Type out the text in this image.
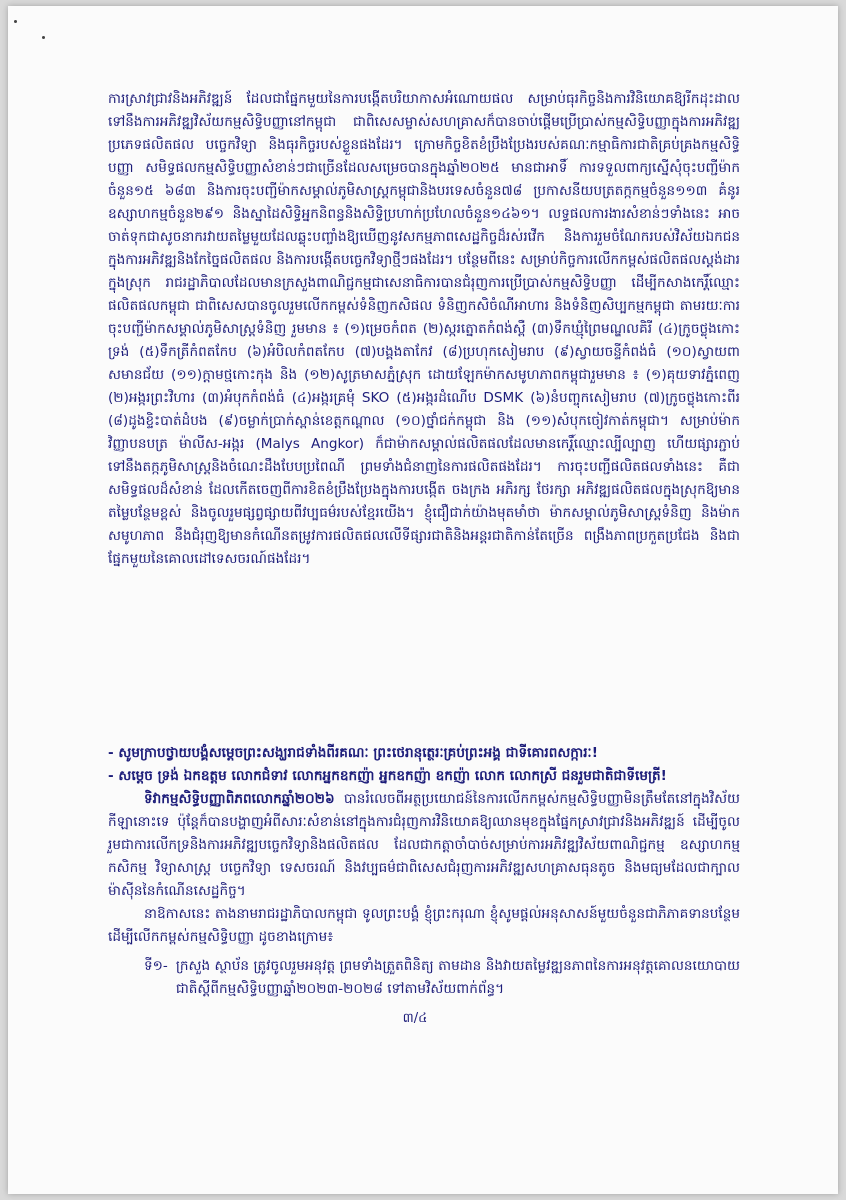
ការស្រាវជ្រាវនិងអភិវឌ្ឍន៍ ដែលជាផ្នែកមួយនៃការបង្កើតបរិយាកាសអំណោយផល សម្រាប់ធុរកិច្ចនិងការវិនិយោគឱ្យរីកដុះដាលទៅនឹងការអភិវឌ្ឍវិស័យកម្មសិទ្ធិបញ្ញានៅកម្ពុជា ជាពិសេសម្ចាស់សហគ្រាសក៏បានចាប់ផ្ដើមប្រើប្រាស់កម្មសិទ្ធិបញ្ញាក្នុងការអភិវឌ្ឍប្រភេទផលិតផល បច្ចេកវិទ្យា និងធុរកិច្ចរបស់ខ្លួនផងដែរ។ ក្រោមកិច្ចខិតខំប្រឹងប្រែងរបស់គណៈកម្មាធិការជាតិគ្រប់គ្រងកម្មសិទ្ធិបញ្ញា សមិទ្ធផលកម្មសិទ្ធិបញ្ញាសំខាន់ៗជាច្រើនដែលសម្រេចបានក្នុងឆ្នាំ២០២៥ មានជាអាទិ៍ ការទទួលពាក្យស្នើសុំចុះបញ្ជីម៉ាកចំនួន១៥ ៦៨៣ និងការចុះបញ្ជីម៉ាកសម្គាល់ភូមិសាស្ត្រកម្ពុជានិងបរទេសចំនួន៧៨ ប្រកាសនីយបត្រតក្កកម្មចំនួន១១៣ គំនូរឧស្សាហកម្មចំនួន២៩១ និងស្នាដៃសិទ្ធិអ្នកនិពន្ធនិងសិទ្ធិប្រហាក់ប្រហែលចំនួន១៤៦១។ លទ្ធផលការងារសំខាន់ៗទាំងនេះ អាចចាត់ទុកជាសូចនាករវាយតម្លៃមួយដែលឆ្លុះបញ្ចាំងឱ្យឃើញនូវសកម្មភាពសេដ្ឋកិច្ចដ៏រស់រវើក និងការរួមចំណែករបស់វិស័យឯកជនក្នុងការអភិវឌ្ឍនិងកែច្នៃផលិតផល និងការបង្កើតបច្ចេកវិទ្យាថ្មីៗផងដែរ។ បន្ថែមពីនេះ សម្រាប់កិច្ចការលើកកម្ពស់ផលិតផលស្ដង់ដារក្នុងស្រុក រាជរដ្ឋាភិបាលដែលមានក្រសួងពាណិជ្ជកម្មជាសេនាធិការបានជំរុញការប្រើប្រាស់កម្មសិទ្ធិបញ្ញា ដើម្បីកសាងកេរ្តិ៍ឈ្មោះផលិតផលកម្ពុជា ជាពិសេសបានចូលរួមលើកកម្ពស់ទំនិញកសិផល ទំនិញកសិចំណីអាហារ និងទំនិញសិប្បកម្មកម្ពុជា តាមរយៈការចុះបញ្ជីម៉ាកសម្គាល់ភូមិសាស្ត្រទំនិញ រួមមាន ៖ (១)ម្រេចកំពត (២)ស្ករត្នោតកំពង់ស្ពឺ (៣)ទឹកឃ្មុំព្រៃមណ្ឌលគិរី (៤)ក្រូចថ្លុងកោះទ្រង់ (៥)ទឹកត្រីកំពតកែប (៦)អំបិលកំពតកែប (៧)បង្គងតាកែវ (៨)ប្រហុកសៀមរាប (៩)ស្វាយចន្ទីកំពង់ធំ (១០)ស្វាយពាសមានជ័យ (១១)ក្ដាមថ្មកោះកុង និង (១២)សូត្រមាសភ្នំស្រុក ដោយឡែកម៉ាកសមូហភាពកម្ពុជារួមមាន ៖ (១)គុយទាវភ្នំពេញ (២)អង្ករព្រះវិហារ (៣)អំបុកកំពង់ធំ (៤)អង្ករគ្រមុំ SKO (៥)អង្ករដំណើប DSMK (៦)នំបញ្ចុកសៀមរាប (៧)ក្រូចថ្លុងកោះពីរ (៨)ដូងខ្ទិះបាត់ដំបង (៩)ចម្លាក់ប្រាក់ស្ពាន់ខេត្តកណ្ដាល (១០)ថ្នាំជក់កម្ពុជា និង (១១)សំបុកចៀវកាត់កម្ពុជា។ សម្រាប់ម៉ាកវិញ្ញាបនបត្រ ម៉ាលីស-អង្ករ (Malys Angkor) ក៏ជាម៉ាកសម្គាល់ផលិតផលដែលមានកេរ្តិ៍ឈ្មោះល្បីល្បាញ ហើយផ្សារភ្ជាប់ទៅនឹងតក្កភូមិសាស្ត្រនិងចំណេះដឹងបែបប្រពៃណី ព្រមទាំងជំនាញនៃការផលិតផងដែរ។ ការចុះបញ្ជីផលិតផលទាំងនេះ គឺជាសមិទ្ធផលដ៏សំខាន់ ដែលកើតចេញពីការខិតខំប្រឹងប្រែងក្នុងការបង្កើត ចងក្រង អភិរក្ស ថែរក្សា អភិវឌ្ឍផលិតផលក្នុងស្រុកឱ្យមានតម្លៃបន្ថែមខ្ពស់ និងចូលរួមផ្សព្វផ្សាយពីវប្បធម៌របស់ខ្មែរយើង។ ខ្ញុំជឿជាក់យ៉ាងមុតមាំថា ម៉ាកសម្គាល់ភូមិសាស្ត្រទំនិញ និងម៉ាកសមូហភាព នឹងជំរុញឱ្យមានកំណើនតម្រូវការផលិតផលលើទីផ្សារជាតិនិងអន្តរជាតិកាន់តែច្រើន ពង្រឹងភាពប្រកួតប្រជែង និងជាផ្នែកមួយនៃគោលដៅទេសចរណ៍ផងដែរ។

- សូមក្រាបថ្វាយបង្គំសម្ដេចព្រះសង្ឃរាជទាំងពីរគណៈ ព្រះថេរានុត្ថេរៈគ្រប់ព្រះអង្គ ជាទីគោរពសក្ការៈ!
- សម្ដេច ទ្រង់ ឯកឧត្តម លោកជំទាវ លោកអ្នកឧកញ៉ា អ្នកឧកញ៉ា ឧកញ៉ា លោក លោកស្រី ជនរួមជាតិជាទីមេត្រី!

ទិវាកម្មសិទ្ធិបញ្ញាពិភពលោកឆ្នាំ២០២៦ បានរំលេចពីអត្ថប្រយោជន៍នៃការលើកកម្ពស់កម្មសិទ្ធិបញ្ញាមិនត្រឹមតែនៅក្នុងវិស័យកីឡានោះទេ ប៉ុន្តែក៏បានបង្ហាញអំពីសារៈសំខាន់នៅក្នុងការជំរុញការវិនិយោគឱ្យឈានមុខក្នុងផ្នែកស្រាវជ្រាវនិងអភិវឌ្ឍន៍ ដើម្បីចូលរួមជាការលើកទ្រនិងការអភិវឌ្ឍបច្ចេកវិទ្យានិងផលិតផល ដែលជាកត្តាចាំបាច់សម្រាប់ការអភិវឌ្ឍវិស័យពាណិជ្ជកម្ម ឧស្សាហកម្ម កសិកម្ម វិទ្យាសាស្ត្រ បច្ចេកវិទ្យា ទេសចរណ៍ និងវប្បធម៌ជាពិសេសជំរុញការអភិវឌ្ឍសហគ្រាសធុនតូច និងមធ្យមដែលជាក្បាលម៉ាស៊ីននៃកំណើនសេដ្ឋកិច្ច។

នាឱកាសនេះ តាងនាមរាជរដ្ឋាភិបាលកម្ពុជា ទូលព្រះបង្គំ ខ្ញុំព្រះករុណា ខ្ញុំសូមផ្ដល់អនុសាសន៍មួយចំនួនជាភិភាគទានបន្ថែម ដើម្បីលើកកម្ពស់កម្មសិទ្ធិបញ្ញា ដូចខាងក្រោម៖

ទី១- ក្រសួង ស្ថាប័ន ត្រូវចូលរួមអនុវត្ត ព្រមទាំងត្រួតពិនិត្យ តាមដាន និងវាយតម្លៃវឌ្ឍនភាពនៃការអនុវត្តគោលនយោបាយជាតិស្ដីពីកម្មសិទ្ធិបញ្ញាឆ្នាំ២០២៣-២០២៨ ទៅតាមវិស័យពាក់ព័ន្ធ។
៣/៤
